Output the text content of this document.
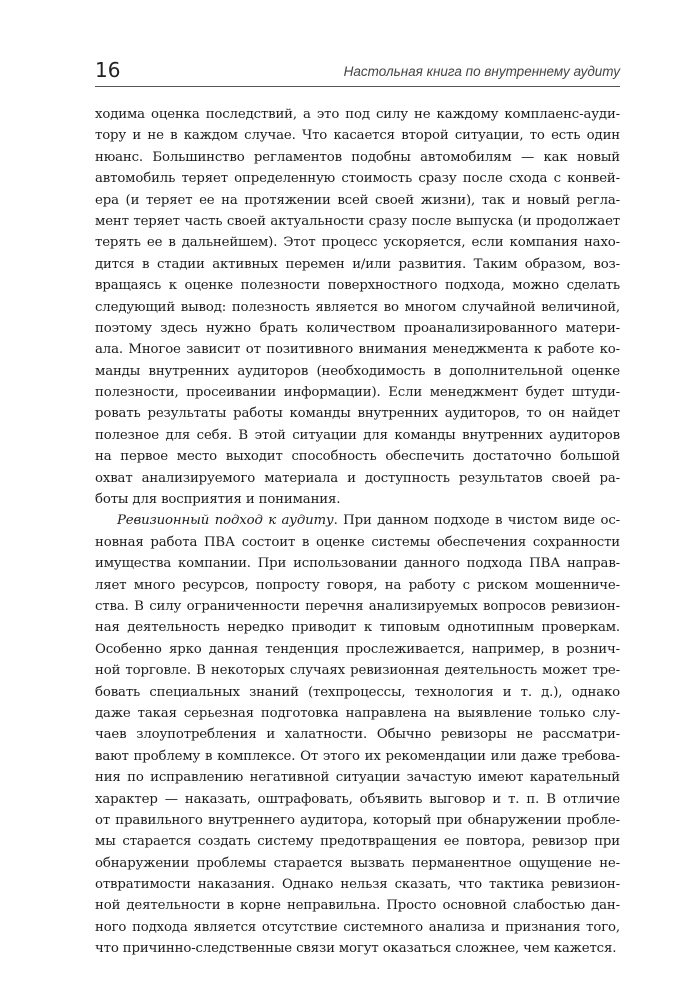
16	Настольная книга по внутреннему аудиту
ходима оценка последствий, а это под силу не каждому комплаенс-ауди-
тору и не в каждом случае. Что касается второй ситуации, то есть один
нюанс. Большинство регламентов подобны автомобилям — как новый
автомобиль теряет определенную стоимость сразу после схода с конвей-
ера (и теряет ее на протяжении всей своей жизни), так и новый регла-
мент теряет часть своей актуальности сразу после выпуска (и продолжает
терять ее в дальнейшем). Этот процесс ускоряется, если компания нахо-
дится в стадии активных перемен и/или развития. Таким образом, воз-
вращаясь к оценке полезности поверхностного подхода, можно сделать
следующий вывод: полезность является во многом случайной величиной,
поэтому здесь нужно брать количеством проанализированного матери-
ала. Многое зависит от позитивного внимания менеджмента к работе ко-
манды внутренних аудиторов (необходимость в дополнительной оценке
полезности, просеивании информации). Если менеджмент будет штуди-
ровать результаты работы команды внутренних аудиторов, то он найдет
полезное для себя. В этой ситуации для команды внутренних аудиторов
на первое место выходит способность обеспечить достаточно большой
охват анализируемого материала и доступность результатов своей ра-
боты для восприятия и понимания.
Ревизионный подход к аудиту. При данном подходе в чистом виде ос-
новная работа ПВА состоит в оценке системы обеспечения сохранности
имущества компании. При использовании данного подхода ПВА направ-
ляет много ресурсов, попросту говоря, на работу с риском мошенниче-
ства. В силу ограниченности перечня анализируемых вопросов ревизион-
ная деятельность нередко приводит к типовым однотипным проверкам.
Особенно ярко данная тенденция прослеживается, например, в рознич-
ной торговле. В некоторых случаях ревизионная деятельность может тре-
бовать специальных знаний (техпроцессы, технология и т. д.), однако
даже такая серьезная подготовка направлена на выявление только слу-
чаев злоупотребления и халатности. Обычно ревизоры не рассматри-
вают проблему в комплексе. От этого их рекомендации или даже требова-
ния по исправлению негативной ситуации зачастую имеют карательный
характер — наказать, оштрафовать, объявить выговор и т. п. В отличие
от правильного внутреннего аудитора, который при обнаружении пробле-
мы старается создать систему предотвращения ее повтора, ревизор при
обнаружении проблемы старается вызвать перманентное ощущение не-
отвратимости наказания. Однако нельзя сказать, что тактика ревизион-
ной деятельности в корне неправильна. Просто основной слабостью дан-
ного подхода является отсутствие системного анализа и признания того,
что причинно-следственные связи могут оказаться сложнее, чем кажется.
